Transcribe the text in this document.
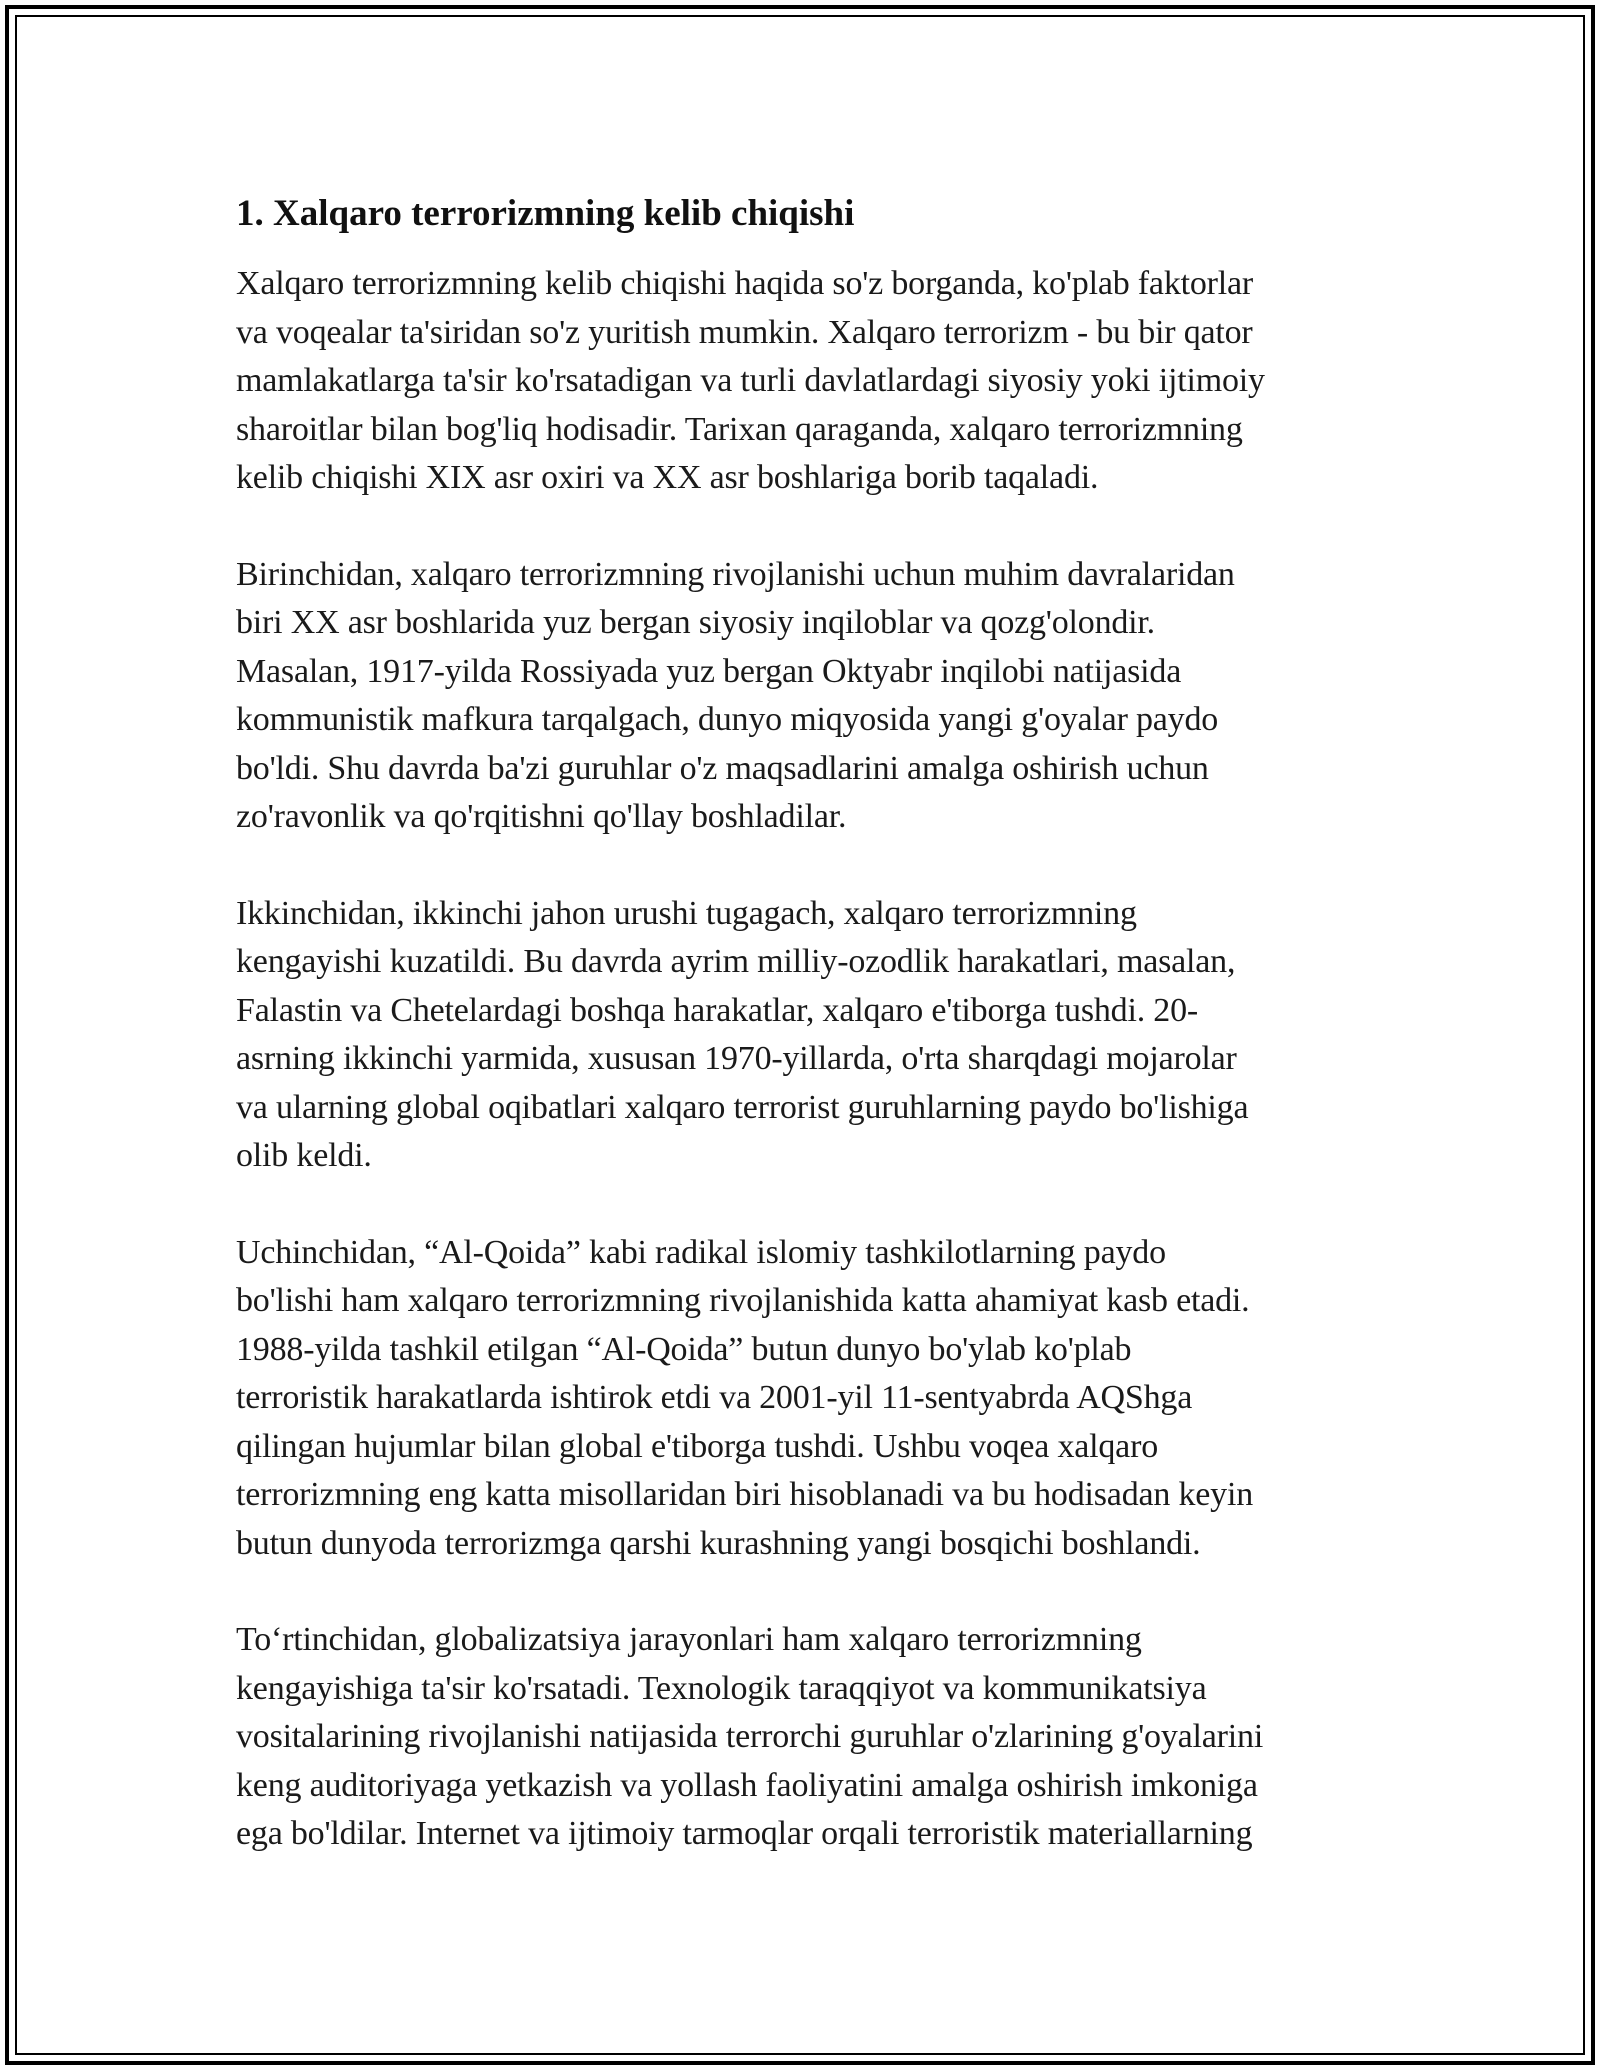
1. Xalqaro terrorizmning kelib chiqishi
Xalqaro terrorizmning kelib chiqishi haqida so'z borganda, ko'plab faktorlar
va voqealar ta'siridan so'z yuritish mumkin. Xalqaro terrorizm - bu bir qator
mamlakatlarga ta'sir ko'rsatadigan va turli davlatlardagi siyosiy yoki ijtimoiy
sharoitlar bilan bog'liq hodisadir. Tarixan qaraganda, xalqaro terrorizmning
kelib chiqishi XIX asr oxiri va XX asr boshlariga borib taqaladi.
Birinchidan, xalqaro terrorizmning rivojlanishi uchun muhim davralaridan
biri XX asr boshlarida yuz bergan siyosiy inqiloblar va qozg'olondir.
Masalan, 1917-yilda Rossiyada yuz bergan Oktyabr inqilobi natijasida
kommunistik mafkura tarqalgach, dunyo miqyosida yangi g'oyalar paydo
bo'ldi. Shu davrda ba'zi guruhlar o'z maqsadlarini amalga oshirish uchun
zo'ravonlik va qo'rqitishni qo'llay boshladilar.
Ikkinchidan, ikkinchi jahon urushi tugagach, xalqaro terrorizmning
kengayishi kuzatildi. Bu davrda ayrim milliy-ozodlik harakatlari, masalan,
Falastin va Chetelardagi boshqa harakatlar, xalqaro e'tiborga tushdi. 20-
asrning ikkinchi yarmida, xususan 1970-yillarda, o'rta sharqdagi mojarolar
va ularning global oqibatlari xalqaro terrorist guruhlarning paydo bo'lishiga
olib keldi.
Uchinchidan, “Al-Qoida” kabi radikal islomiy tashkilotlarning paydo
bo'lishi ham xalqaro terrorizmning rivojlanishida katta ahamiyat kasb etadi.
1988-yilda tashkil etilgan “Al-Qoida” butun dunyo bo'ylab ko'plab
terroristik harakatlarda ishtirok etdi va 2001-yil 11-sentyabrda AQShga
qilingan hujumlar bilan global e'tiborga tushdi. Ushbu voqea xalqaro
terrorizmning eng katta misollaridan biri hisoblanadi va bu hodisadan keyin
butun dunyoda terrorizmga qarshi kurashning yangi bosqichi boshlandi.
To‘rtinchidan, globalizatsiya jarayonlari ham xalqaro terrorizmning
kengayishiga ta'sir ko'rsatadi. Texnologik taraqqiyot va kommunikatsiya
vositalarining rivojlanishi natijasida terrorchi guruhlar o'zlarining g'oyalarini
keng auditoriyaga yetkazish va yollash faoliyatini amalga oshirish imkoniga
ega bo'ldilar. Internet va ijtimoiy tarmoqlar orqali terroristik materiallarning
